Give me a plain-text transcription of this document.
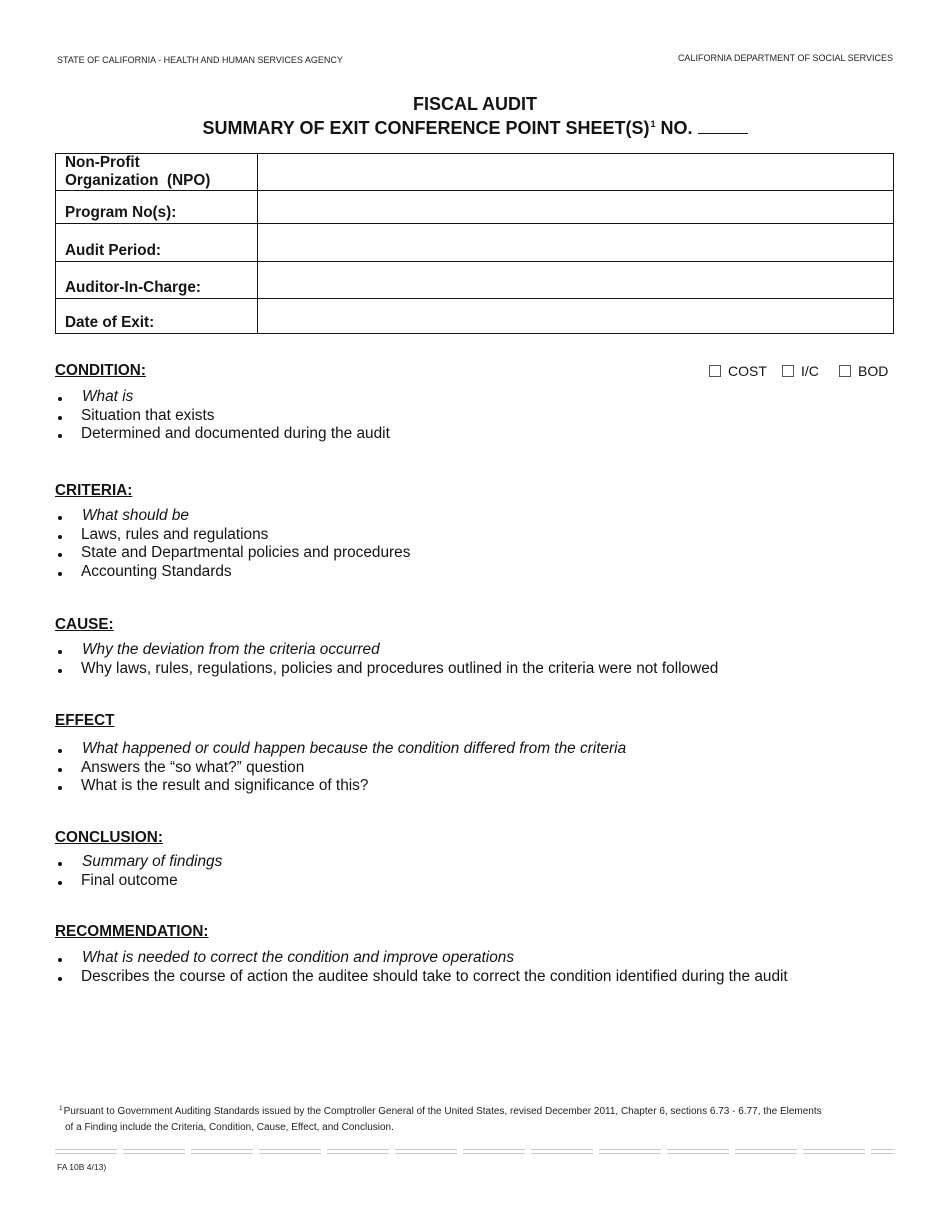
STATE OF CALIFORNIA - HEALTH AND HUMAN SERVICES AGENCY	CALIFORNIA DEPARTMENT OF SOCIAL SERVICES
FISCAL AUDIT
SUMMARY OF EXIT CONFERENCE POINT $SHEET(S)^1$ NO.
Non-Profit
Organization  (NPO)
Program No(s):
Audit Period:
Auditor-In-Charge:
Date of Exit:
COST I/C	BOD
CONDITION:
What is
Situation that exists
Determined and documented during the audit
CRITERIA:
What should be
Laws, rules and regulations
State and Departmental policies and procedures
Accounting Standards
CAUSE:
Why the deviation from the criteria occurred
Why laws, rules, regulations, policies and procedures outlined in the criteria were not followed
EFFECT
What happened or could happen because the condition differed from the criteria
Answers the “so what?” question
What is the result and significance of this?
CONCLUSION:
Summary of findings
Final outcome
RECOMMENDATION:
What is needed to correct the condition and improve operations
Describes the course of action the auditee should take to correct the condition identified during the audit
$^1$Pursuant to Government Auditing Standards issued by the Comptroller General of the United States, revised December 2011, Chapter 6, sections 6.73 - 6.77, the Elements
of a Finding include the Criteria, Condition, Cause, Effect, and Conclusion.
FA 10B 4/13)
